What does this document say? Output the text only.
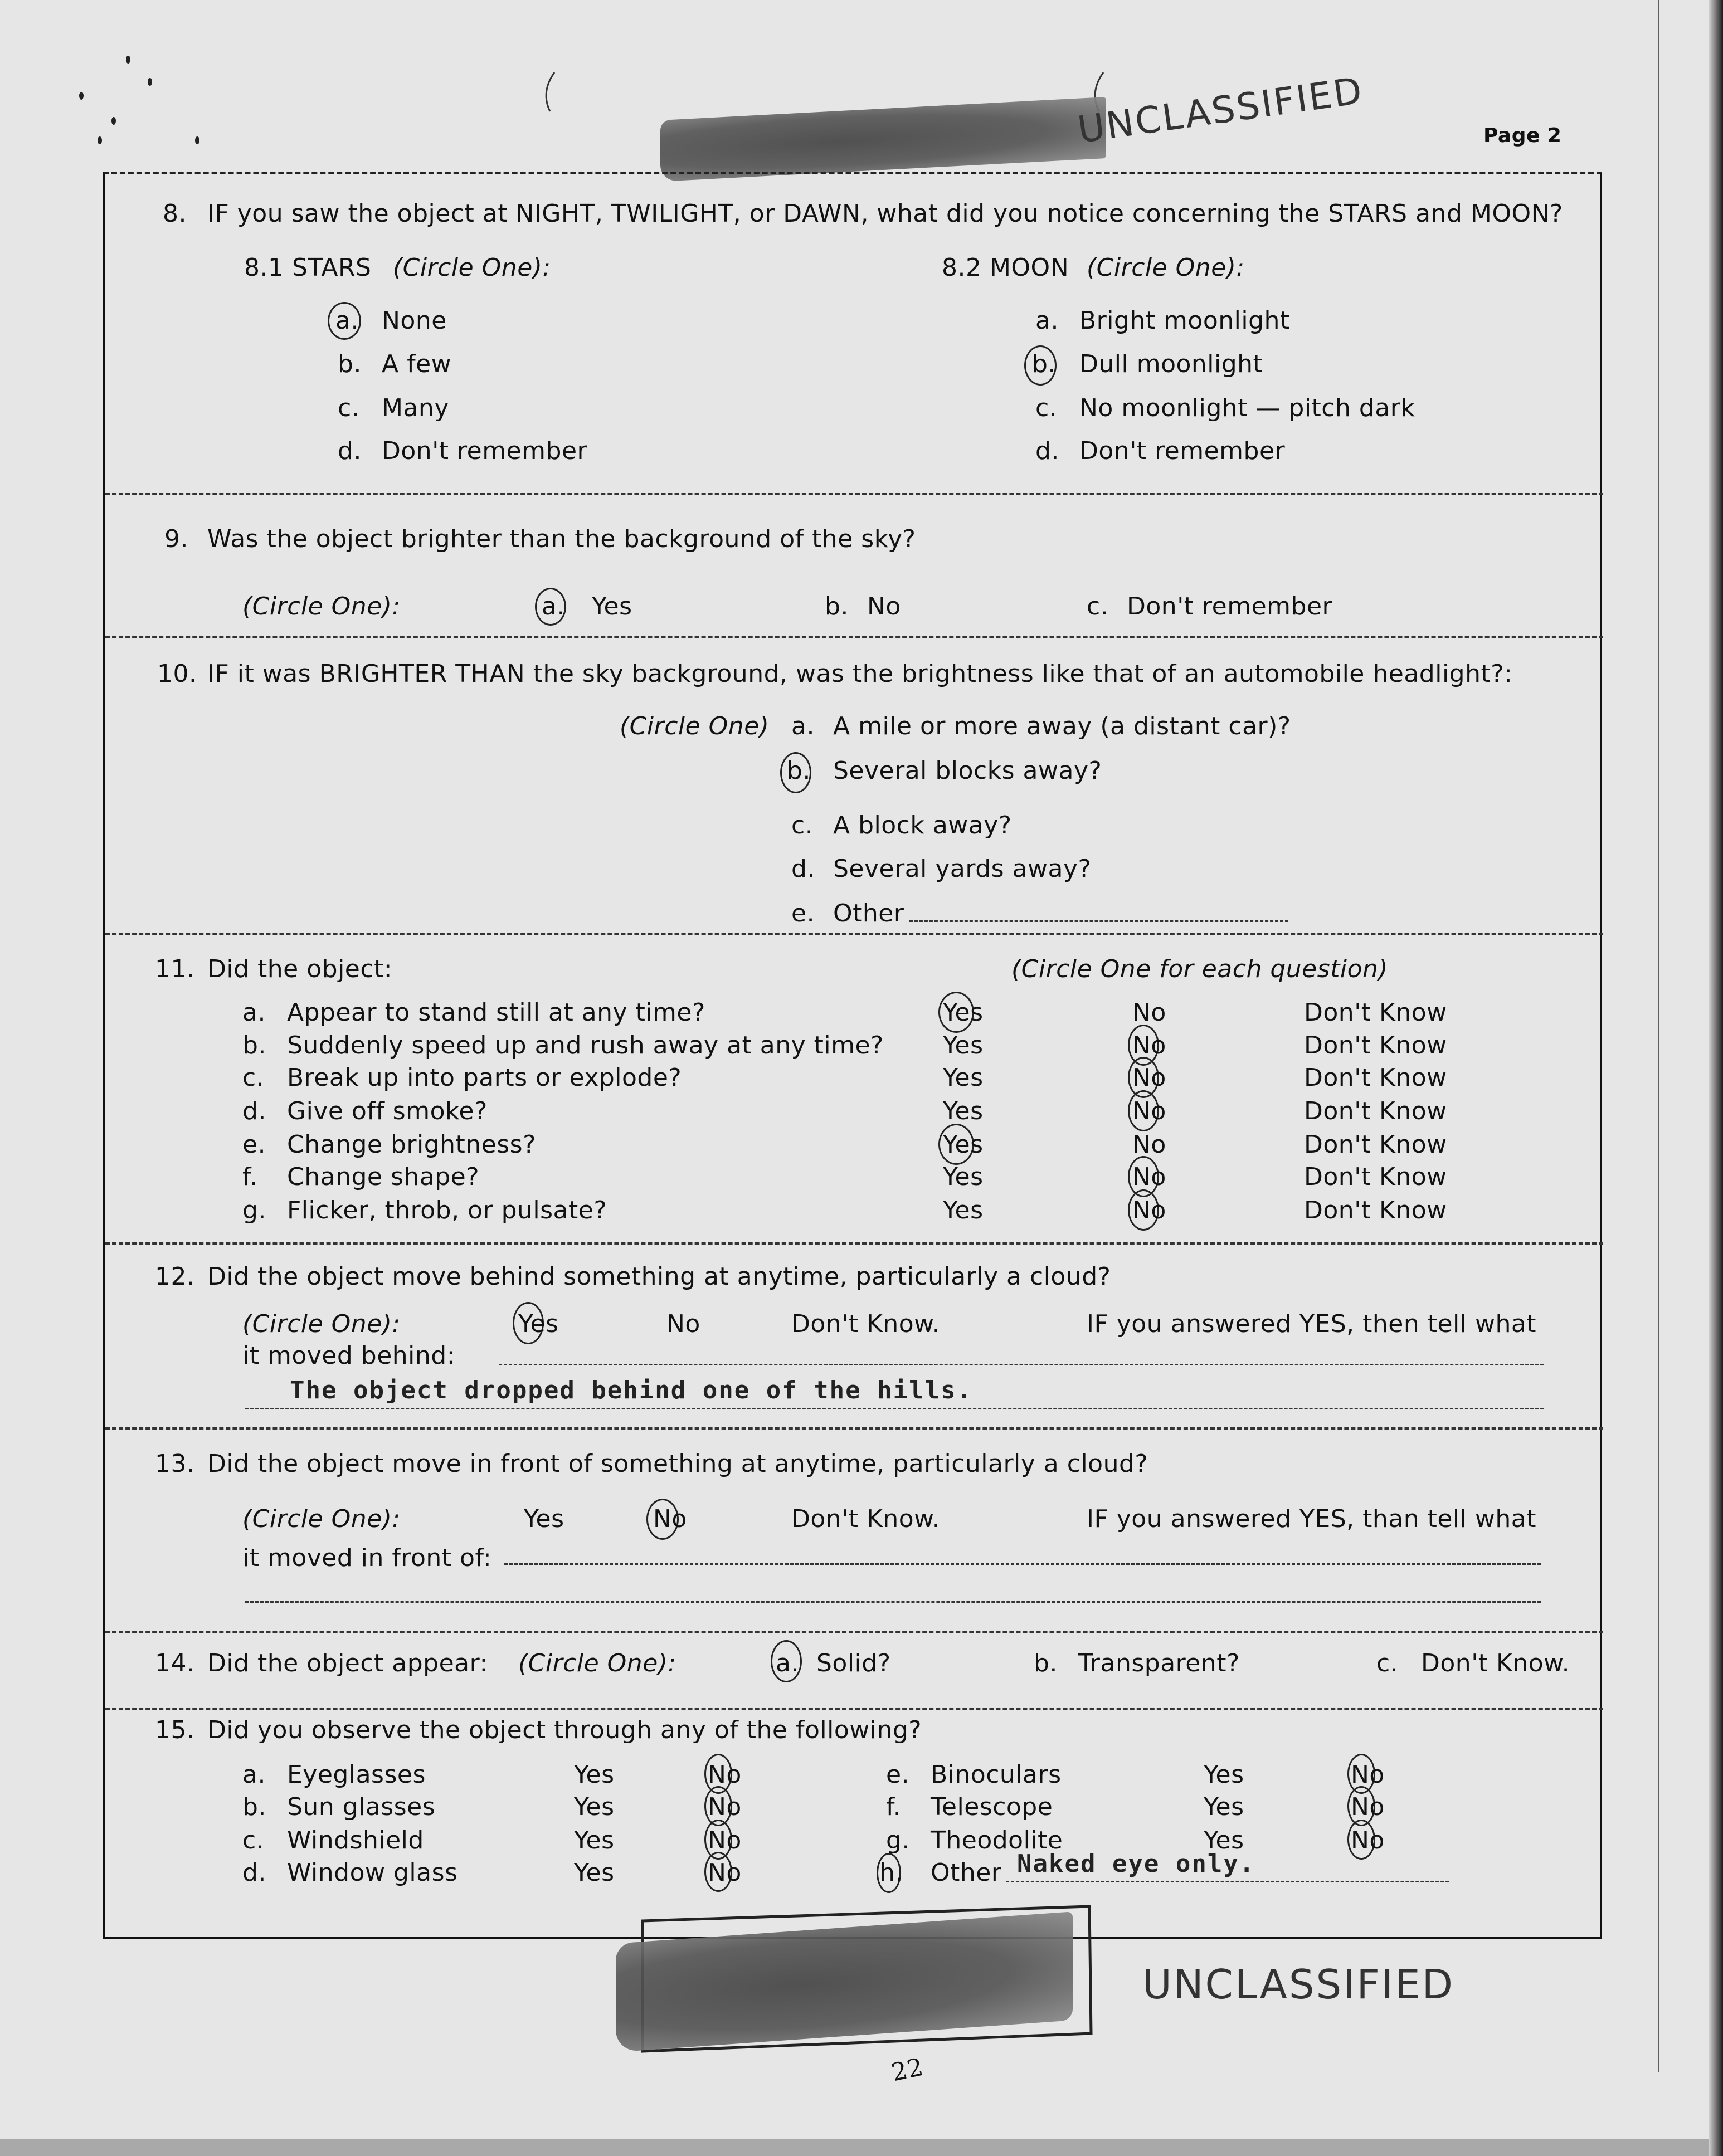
UNCLASSIFIED	Page 2
8. IF you saw the object at NIGHT, TWILIGHT, or DAWN, what did you notice concerning the STARS and MOON?
8.1 STARS (Circle One):	8.2 MOON (Circle One):
a. None
b. A few
c. Many
d. Don't remember
a. Bright moonlight
b. Dull moonlight
c. No moonlight — pitch dark
d. Don't remember
9. Was the object brighter than the background of the sky?
(Circle One):	a. Yes	b. No	c. Don't remember
10. IF it was BRIGHTER THAN the sky background, was the brightness like that of an automobile headlight?:
(Circle One) a. A mile or more away (a distant car)?
b. Several blocks away?
c. A block away?
d. Several yards away?
e. Other
11. Did the object:	(Circle One for each question)
a. Appear to stand still at any time?	Yes	No	Don't Know
b. Suddenly speed up and rush away at any time? Yes	No	Don't Know
c. Break up into parts or explode?	Yes	No	Don't Know
d. Give off smoke?	Yes	No	Don't Know
e. Change brightness?	Yes	No	Don't Know
f. Change shape?	Yes	No	Don't Know
g. Flicker, throb, or pulsate?	Yes	No	Don't Know
12. Did the object move behind something at anytime, particularly a cloud?
(Circle One):	Yes	No	Don't Know.	IF you answered YES, then tell what
it moved behind:
The object dropped behind one of the hills.
13. Did the object move in front of something at anytime, particularly a cloud?
(Circle One):	Yes	No	Don't Know.	IF you answered YES, than tell what
it moved in front of:
14. Did the object appear: (Circle One):	a. Solid?	b. Transparent?	c. Don't Know.
15. Did you observe the object through any of the following?
a. Eyeglasses	Yes	No
b. Sun glasses	Yes	No
c. Windshield	Yes	No
d. Window glass	Yes	No
e. Binoculars	Yes	No
f. Telescope	Yes	No
g. Theodolite	Yes	No
h. Other Naked eye only.
UNCLASSIFIED
22
